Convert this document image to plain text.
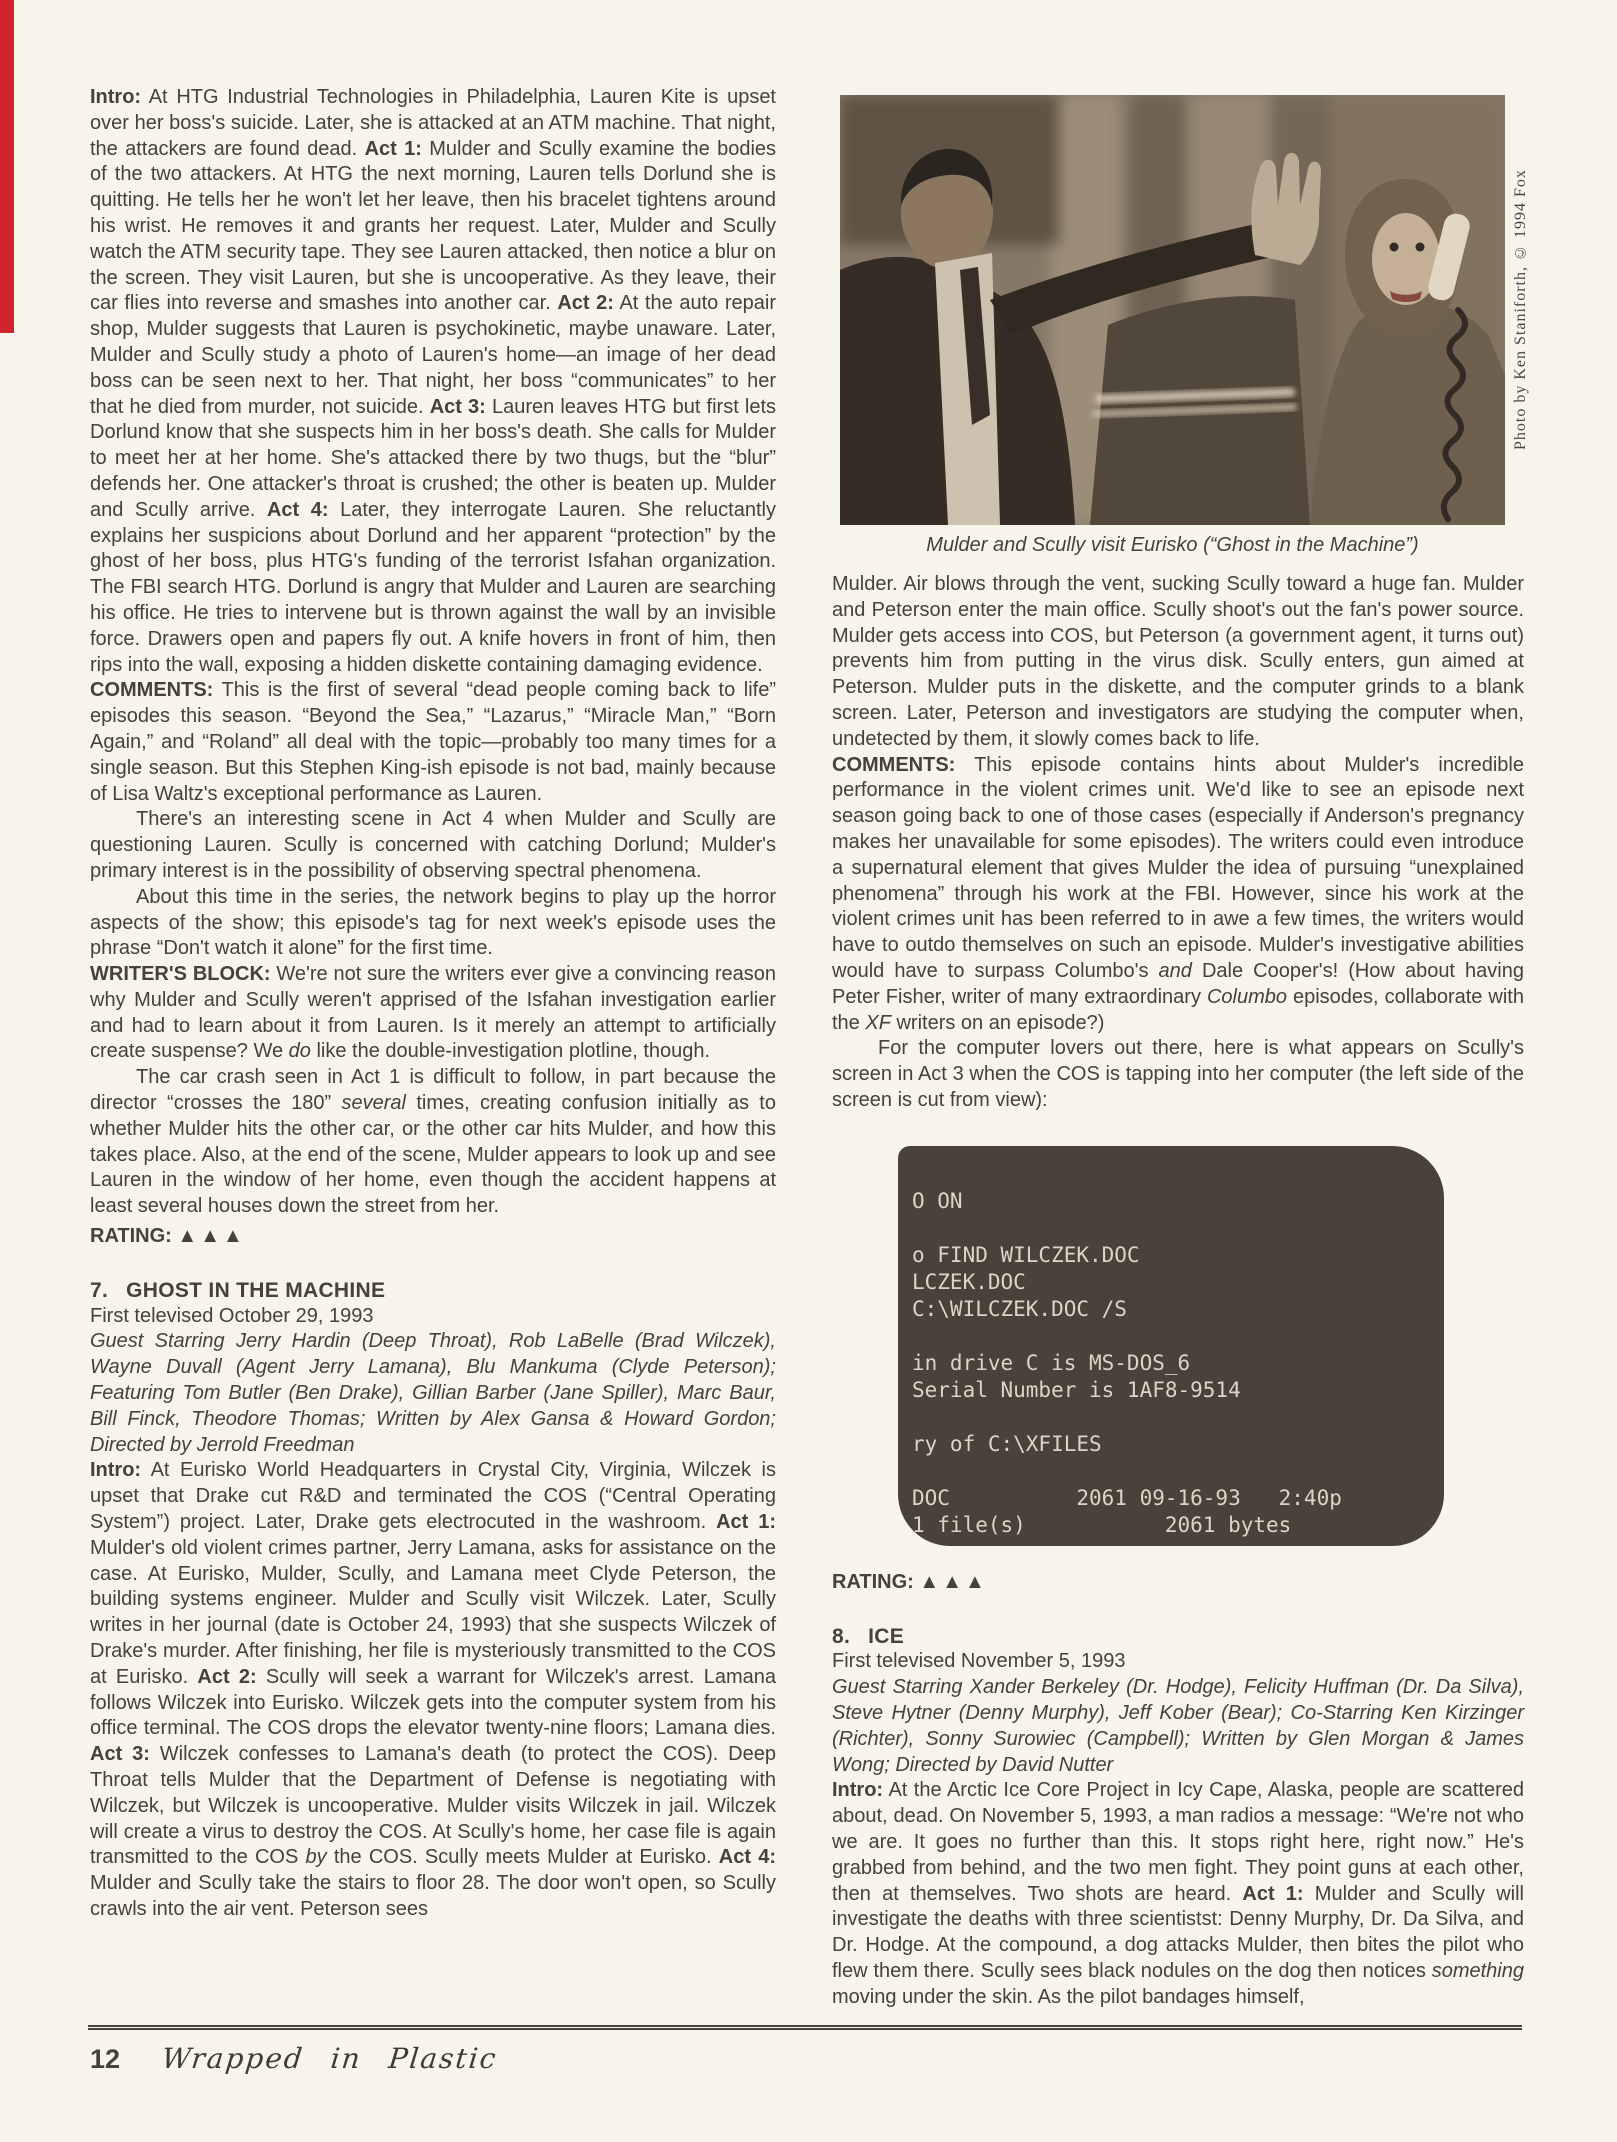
Intro: At HTG Industrial Technologies in Philadelphia, Lauren Kite is upset over her boss's suicide. Later, she is attacked at an ATM machine. That night, the attackers are found dead. Act 1: Mulder and Scully examine the bodies of the two attackers. At HTG the next morning, Lauren tells Dorlund she is quitting. He tells her he won't let her leave, then his bracelet tightens around his wrist. He removes it and grants her request. Later, Mulder and Scully watch the ATM security tape. They see Lauren attacked, then notice a blur on the screen. They visit Lauren, but she is uncooperative. As they leave, their car flies into reverse and smashes into another car. Act 2: At the auto repair shop, Mulder suggests that Lauren is psychokinetic, maybe unaware. Later, Mulder and Scully study a photo of Lauren's home—an image of her dead boss can be seen next to her. That night, her boss “communicates” to her that he died from murder, not suicide. Act 3: Lauren leaves HTG but first lets Dorlund know that she suspects him in her boss's death. She calls for Mulder to meet her at her home. She's attacked there by two thugs, but the “blur” defends her. One attacker's throat is crushed; the other is beaten up. Mulder and Scully arrive. Act 4: Later, they interrogate Lauren. She reluctantly explains her suspicions about Dorlund and her apparent “protection” by the ghost of her boss, plus HTG's funding of the terrorist Isfahan organization. The FBI search HTG. Dorlund is angry that Mulder and Lauren are searching his office. He tries to intervene but is thrown against the wall by an invisible force. Drawers open and papers fly out. A knife hovers in front of him, then rips into the wall, exposing a hidden diskette containing damaging evidence.

COMMENTS: This is the first of several “dead people coming back to life” episodes this season. “Beyond the Sea,” “Lazarus,” “Miracle Man,” “Born Again,” and “Roland” all deal with the topic—probably too many times for a single season. But this Stephen King-ish episode is not bad, mainly because of Lisa Waltz's exceptional performance as Lauren.

There's an interesting scene in Act 4 when Mulder and Scully are questioning Lauren. Scully is concerned with catching Dorlund; Mulder's primary interest is in the possibility of observing spectral phenomena.

About this time in the series, the network begins to play up the horror aspects of the show; this episode's tag for next week's episode uses the phrase “Don't watch it alone” for the first time.

WRITER'S BLOCK: We're not sure the writers ever give a convincing reason why Mulder and Scully weren't apprised of the Isfahan investigation earlier and had to learn about it from Lauren. Is it merely an attempt to artificially create suspense? We do like the double-investigation plotline, though.

The car crash seen in Act 1 is difficult to follow, in part because the director “crosses the 180” several times, creating confusion initially as to whether Mulder hits the other car, or the other car hits Mulder, and how this takes place. Also, at the end of the scene, Mulder appears to look up and see Lauren in the window of her home, even though the accident happens at least several houses down the street from her.

RATING: ▲▲▲

7. GHOST IN THE MACHINE

First televised October 29, 1993

Guest Starring Jerry Hardin (Deep Throat), Rob LaBelle (Brad Wilczek), Wayne Duvall (Agent Jerry Lamana), Blu Mankuma (Clyde Peterson); Featuring Tom Butler (Ben Drake), Gillian Barber (Jane Spiller), Marc Baur, Bill Finck, Theodore Thomas; Written by Alex Gansa & Howard Gordon; Directed by Jerrold Freedman

Intro: At Eurisko World Headquarters in Crystal City, Virginia, Wilczek is upset that Drake cut R&D and terminated the COS (“Central Operating System”) project. Later, Drake gets electrocuted in the washroom. Act 1: Mulder's old violent crimes partner, Jerry Lamana, asks for assistance on the case. At Eurisko, Mulder, Scully, and Lamana meet Clyde Peterson, the building systems engineer. Mulder and Scully visit Wilczek. Later, Scully writes in her journal (date is October 24, 1993) that she suspects Wilczek of Drake's murder. After finishing, her file is mysteriously transmitted to the COS at Eurisko. Act 2: Scully will seek a warrant for Wilczek's arrest. Lamana follows Wilczek into Eurisko. Wilczek gets into the computer system from his office terminal. The COS drops the elevator twenty-nine floors; Lamana dies. Act 3: Wilczek confesses to Lamana's death (to protect the COS). Deep Throat tells Mulder that the Department of Defense is negotiating with Wilczek, but Wilczek is uncooperative. Mulder visits Wilczek in jail. Wilczek will create a virus to destroy the COS. At Scully's home, her case file is again transmitted to the COS by the COS. Scully meets Mulder at Eurisko. Act 4: Mulder and Scully take the stairs to floor 28. The door won't open, so Scully crawls into the air vent. Peterson sees

Mulder and Scully visit Eurisko (“Ghost in the Machine”)

Mulder. Air blows through the vent, sucking Scully toward a huge fan. Mulder and Peterson enter the main office. Scully shoot's out the fan's power source. Mulder gets access into COS, but Peterson (a government agent, it turns out) prevents him from putting in the virus disk. Scully enters, gun aimed at Peterson. Mulder puts in the diskette, and the computer grinds to a blank screen. Later, Peterson and investigators are studying the computer when, undetected by them, it slowly comes back to life.

COMMENTS: This episode contains hints about Mulder's incredible performance in the violent crimes unit. We'd like to see an episode next season going back to one of those cases (especially if Anderson's pregnancy makes her unavailable for some episodes). The writers could even introduce a supernatural element that gives Mulder the idea of pursuing “unexplained phenomena” through his work at the FBI. However, since his work at the violent crimes unit has been referred to in awe a few times, the writers would have to outdo themselves on such an episode. Mulder's investigative abilities would have to surpass Columbo's and Dale Cooper's! (How about having Peter Fisher, writer of many extraordinary Columbo episodes, collaborate with the XF writers on an episode?)

For the computer lovers out there, here is what appears on Scully's screen in Act 3 when the COS is tapping into her computer (the left side of the screen is cut from view):

O ON

o FIND WILCZEK.DOC
LCZEK.DOC
C:\WILCZEK.DOC /S

in drive C is MS-DOS_6
Serial Number is 1AF8-9514

ry of C:\XFILES

DOC          2061 09-16-93   2:40p
1 file(s)           2061 bytes

RATING: ▲▲▲

8. ICE

First televised November 5, 1993

Guest Starring Xander Berkeley (Dr. Hodge), Felicity Huffman (Dr. Da Silva), Steve Hytner (Denny Murphy), Jeff Kober (Bear); Co-Starring Ken Kirzinger (Richter), Sonny Surowiec (Campbell); Written by Glen Morgan & James Wong; Directed by David Nutter

Intro: At the Arctic Ice Core Project in Icy Cape, Alaska, people are scattered about, dead. On November 5, 1993, a man radios a message: “We're not who we are. It goes no further than this. It stops right here, right now.” He's grabbed from behind, and the two men fight. They point guns at each other, then at themselves. Two shots are heard. Act 1: Mulder and Scully will investigate the deaths with three scientistst: Denny Murphy, Dr. Da Silva, and Dr. Hodge. At the compound, a dog attacks Mulder, then bites the pilot who flew them there. Scully sees black nodules on the dog then notices something moving under the skin. As the pilot bandages himself,

Photo by Ken Staniforth, © 1994 Fox
12 Wrapped in Plastic
